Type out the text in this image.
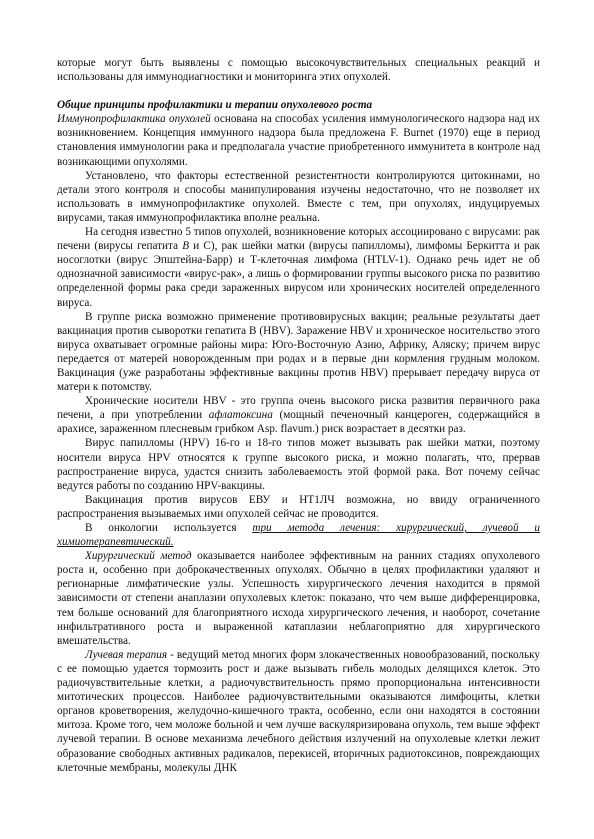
которые могут быть выявлены с помощью высокочувствительных специальных реакций и использованы для иммунодиагностики и мониторинга этих опухолей.

Общие принципы профилактики и терапии опухолевого роста

Иммунопрофилактика опухолей основана на способах усиления иммунологического надзора над их возникновением. Концепция иммунного надзора была предложена F. Burnet (1970) еще в период становления иммунологии рака и предполагала участие приобретенного иммунитета в контроле над возникающими опухолями.

Установлено, что факторы естественной резистентности контролируются цитокинами, но детали этого контроля и способы манипулирования изучены недостаточно, что не позволяет их использовать в иммунопрофилактике опухолей. Вместе с тем, при опухолях, индуцируемых вирусами, такая иммунопрофилактика вполне реальна.

На сегодня известно 5 типов опухолей, возникновение которых ассоциировано с вирусами: рак печени (вирусы гепатита В и С), рак шейки матки (вирусы папилломы), лимфомы Беркитта и рак носоглотки (вирус Эпштейна-Барр) и Т-клеточная лимфома (HTLV-1). Однако речь идет не об однозначной зависимости «вирус-рак», а лишь о формировании группы высокого риска по развитию определенной формы рака среди зараженных вирусом или хронических носителей определенного вируса.

В группе риска возможно применение противовирусных вакцин; реальные результаты дает вакцинация против сыворотки гепатита В (HBV). Заражение HBV и хроническое носительство этого вируса охватывает огромные районы мира: Юго-Восточную Азию, Африку, Аляску; причем вирус передается от матерей новорожденным при родах и в первые дни кормления грудным молоком. Вакцинация (уже разработаны эффективные вакцины против HBV) прерывает передачу вируса от матери к потомству.

Хронические носители HBV - это группа очень высокого риска развития первичного рака печени, а при употреблении афлатоксина (мощный печеночный канцероген, содержащийся в арахисе, зараженном плесневым грибком Asp. flavum.) риск возрастает в десятки раз.

Вирус папилломы (HPV) 16-го и 18-го типов может вызывать рак шейки матки, поэтому носители вируса HPV относятся к группе высокого риска, и можно полагать, что, прервав распространение вируса, удастся снизить заболеваемость этой формой рака. Вот почему сейчас ведутся работы по созданию HPV-вакцины.

Вакцинация против вирусов ЕВУ и НТ1ЛЧ возможна, но ввиду ограниченного распространения вызываемых ими опухолей сейчас не проводится.

В онкологии используется три метода лечения: хирургический, лучевой и химиотерапевтический.

Хирургический метод оказывается наиболее эффективным на ранних стадиях опухолевого роста и, особенно при доброкачественных опухолях. Обычно в целях профилактики удаляют и регионарные лимфатические узлы. Успешность хирургического лечения находится в прямой зависимости от степени анаплазии опухолевых клеток: показано, что чем выше дифференцировка, тем больше оснований для благоприятного исхода хирургического лечения, и наоборот, сочетание инфильтративного роста и выраженной катаплазии неблагоприятно для хирургического вмешательства.

Лучевая терапия - ведущий метод многих форм злокачественных новообразований, поскольку с ее помощью удается тормозить рост и даже вызывать гибель молодых делящихся клеток. Это радиочувствительные клетки, а радиочувствительность прямо пропорциональна интенсивности митотических процессов. Наиболее радиочувствительными оказываются лимфоциты, клетки органов кроветворения, желудочно-кишечного тракта, особенно, если они находятся в состоянии митоза. Кроме того, чем моложе больной и чем лучше васкуляризирована опухоль, тем выше эффект лучевой терапии. В основе механизма лечебного действия излучений на опухолевые клетки лежит образование свободных активных радикалов, перекисей, вторичных радиотоксинов, повреждающих клеточные мембраны, молекулы ДНК
